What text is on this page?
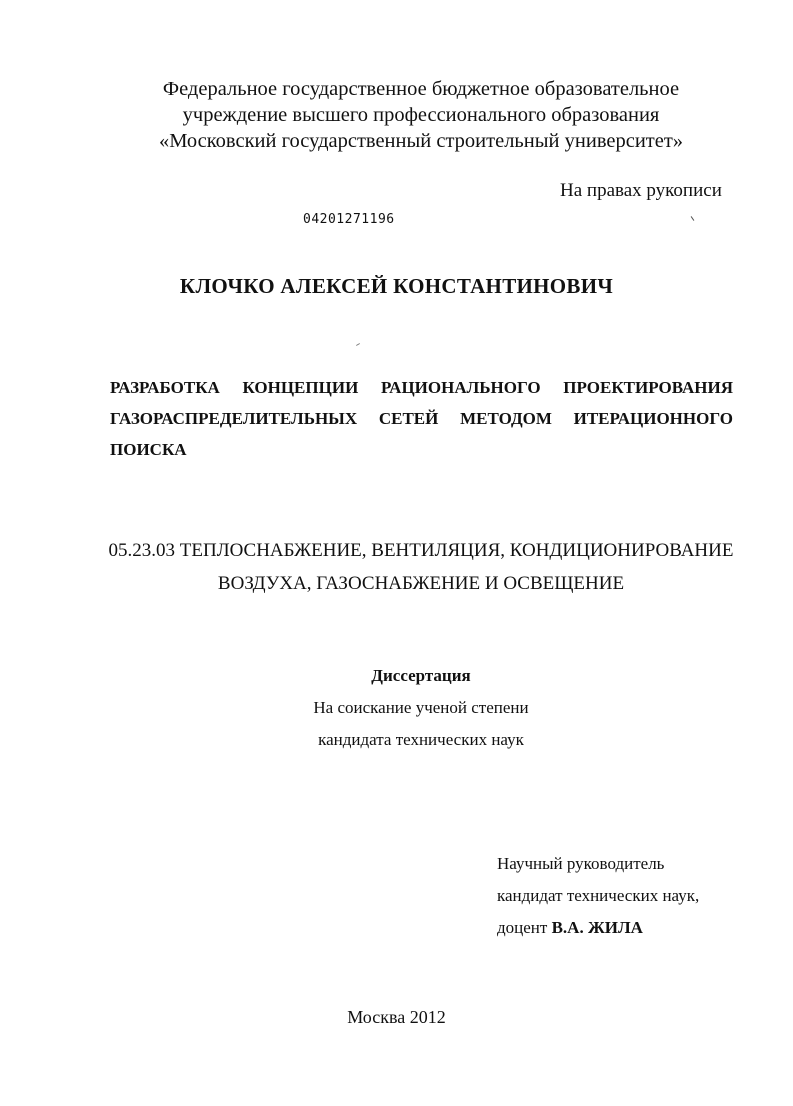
Федеральное государственное бюджетное образовательное
учреждение высшего профессионального образования
«Московский государственный строительный университет»
На правах рукописи
04201271196
КЛОЧКО АЛЕКСЕЙ КОНСТАНТИНОВИЧ
РАЗРАБОТКА КОНЦЕПЦИИ РАЦИОНАЛЬНОГО ПРОЕКТИРОВАНИЯ
ГАЗОРАСПРЕДЕЛИТЕЛЬНЫХ СЕТЕЙ МЕТОДОМ ИТЕРАЦИОННОГО
ПОИСКА
05.23.03 ТЕПЛОСНАБЖЕНИЕ, ВЕНТИЛЯЦИЯ, КОНДИЦИОНИРОВАНИЕ
ВОЗДУХА, ГАЗОСНАБЖЕНИЕ И ОСВЕЩЕНИЕ
Диссертация
На соискание ученой степени
кандидата технических наук
Научный руководитель
кандидат технических наук,
доцент В.А. ЖИЛА
Москва 2012
